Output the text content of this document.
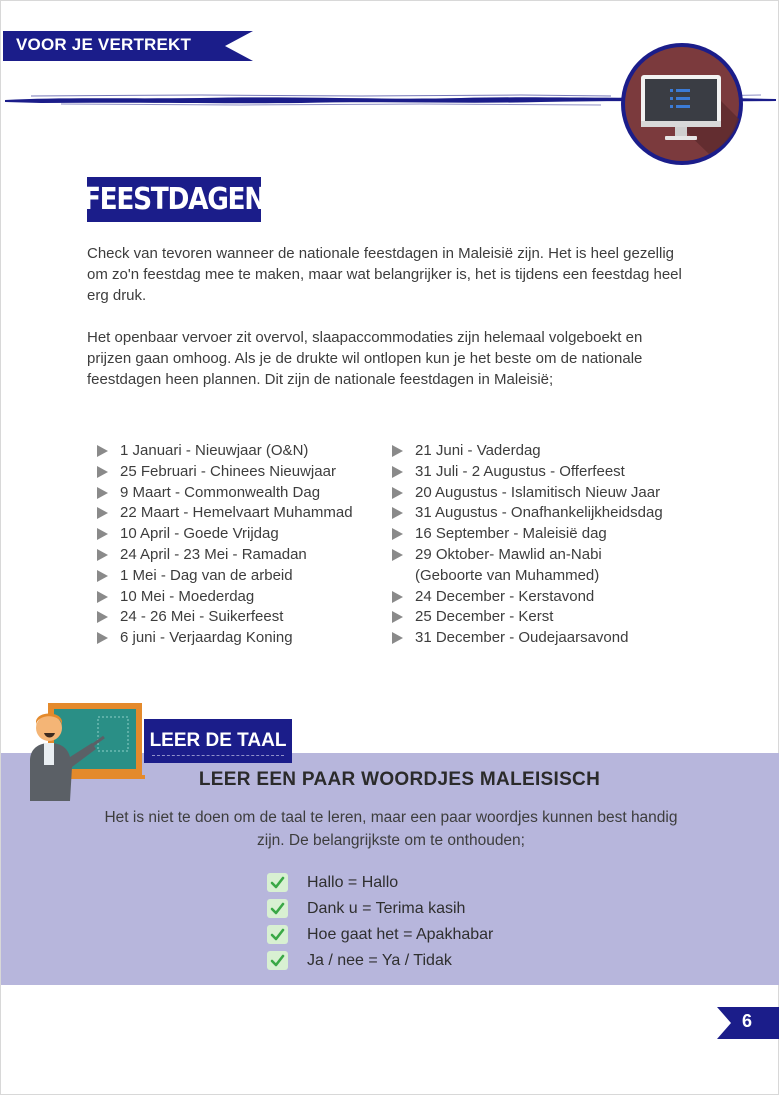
VOOR JE VERTREKT
FEESTDAGEN

Check van tevoren wanneer de nationale feestdagen in Maleisië zijn. Het is heel gezellig om zo'n feestdag mee te maken, maar wat belangrijker is, het is tijdens een feestdag heel erg druk.

Het openbaar vervoer zit overvol, slaapaccommodaties zijn helemaal volgeboekt en prijzen gaan omhoog. Als je de drukte wil ontlopen kun je het beste om de nationale feestdagen heen plannen. Dit zijn de nationale feestdagen in Maleisië;

1 Januari - Nieuwjaar (O&N)
25 Februari - Chinees Nieuwjaar
9 Maart - Commonwealth Dag
22 Maart - Hemelvaart Muhammad
10 April - Goede Vrijdag
24 April - 23 Mei - Ramadan
1 Mei - Dag van de arbeid
10 Mei - Moederdag
24 - 26 Mei - Suikerfeest
6 juni - Verjaardag Koning
21 Juni - Vaderdag
31 Juli - 2 Augustus - Offerfeest
20 Augustus - Islamitisch Nieuw Jaar
31 Augustus - Onafhankelijkheidsdag
16 September - Maleisië dag
29 Oktober- Mawlid an-Nabi
(Geboorte van Muhammed)
24 December - Kerstavond
25 December - Kerst
31 December - Oudejaarsavond
LEER DE TAAL
LEER EEN PAAR WOORDJES MALEISISCH

Het is niet te doen om de taal te leren, maar een paar woordjes kunnen best handig zijn. De belangrijkste om te onthouden;

Hallo = Hallo
Dank u = Terima kasih
Hoe gaat het = Apakhabar
Ja / nee = Ya / Tidak
6
